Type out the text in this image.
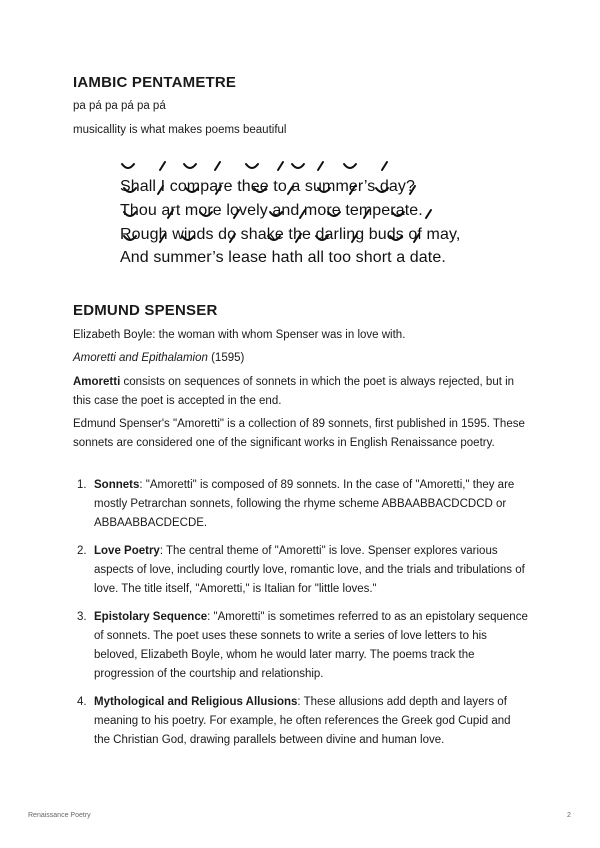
IAMBIC PENTAMETRE

pa pá pa pá pa pá

musicallity is what makes poems beautiful

Shall I compare thee to a summer’s day?
Thou art more lovely and more temperate.
Rough winds do shake the darling buds of may,
And summer’s lease hath all too short a date.
EDMUND SPENSER

Elizabeth Boyle: the woman with whom Spenser was in love with.

Amoretti and Epithalamion (1595)

Amoretti consists on sequences of sonnets in which the poet is always rejected, but in this case the poet is accepted in the end.

Edmund Spenser's "Amoretti" is a collection of 89 sonnets, first published in 1595. These sonnets are considered one of the significant works in English Renaissance poetry.

1. Sonnets: "Amoretti" is composed of 89 sonnets. In the case of "Amoretti," they are mostly Petrarchan sonnets, following the rhyme scheme ABBAABBACDCDCD or ABBAABBACDECDE.
2. Love Poetry: The central theme of "Amoretti" is love. Spenser explores various aspects of love, including courtly love, romantic love, and the trials and tribulations of love. The title itself, "Amoretti," is Italian for "little loves."
3. Epistolary Sequence: "Amoretti" is sometimes referred to as an epistolary sequence of sonnets. The poet uses these sonnets to write a series of love letters to his beloved, Elizabeth Boyle, whom he would later marry. The poems track the progression of the courtship and relationship.
4. Mythological and Religious Allusions: These allusions add depth and layers of meaning to his poetry. For example, he often references the Greek god Cupid and the Christian God, drawing parallels between divine and human love.
Renaissance Poetry	2
